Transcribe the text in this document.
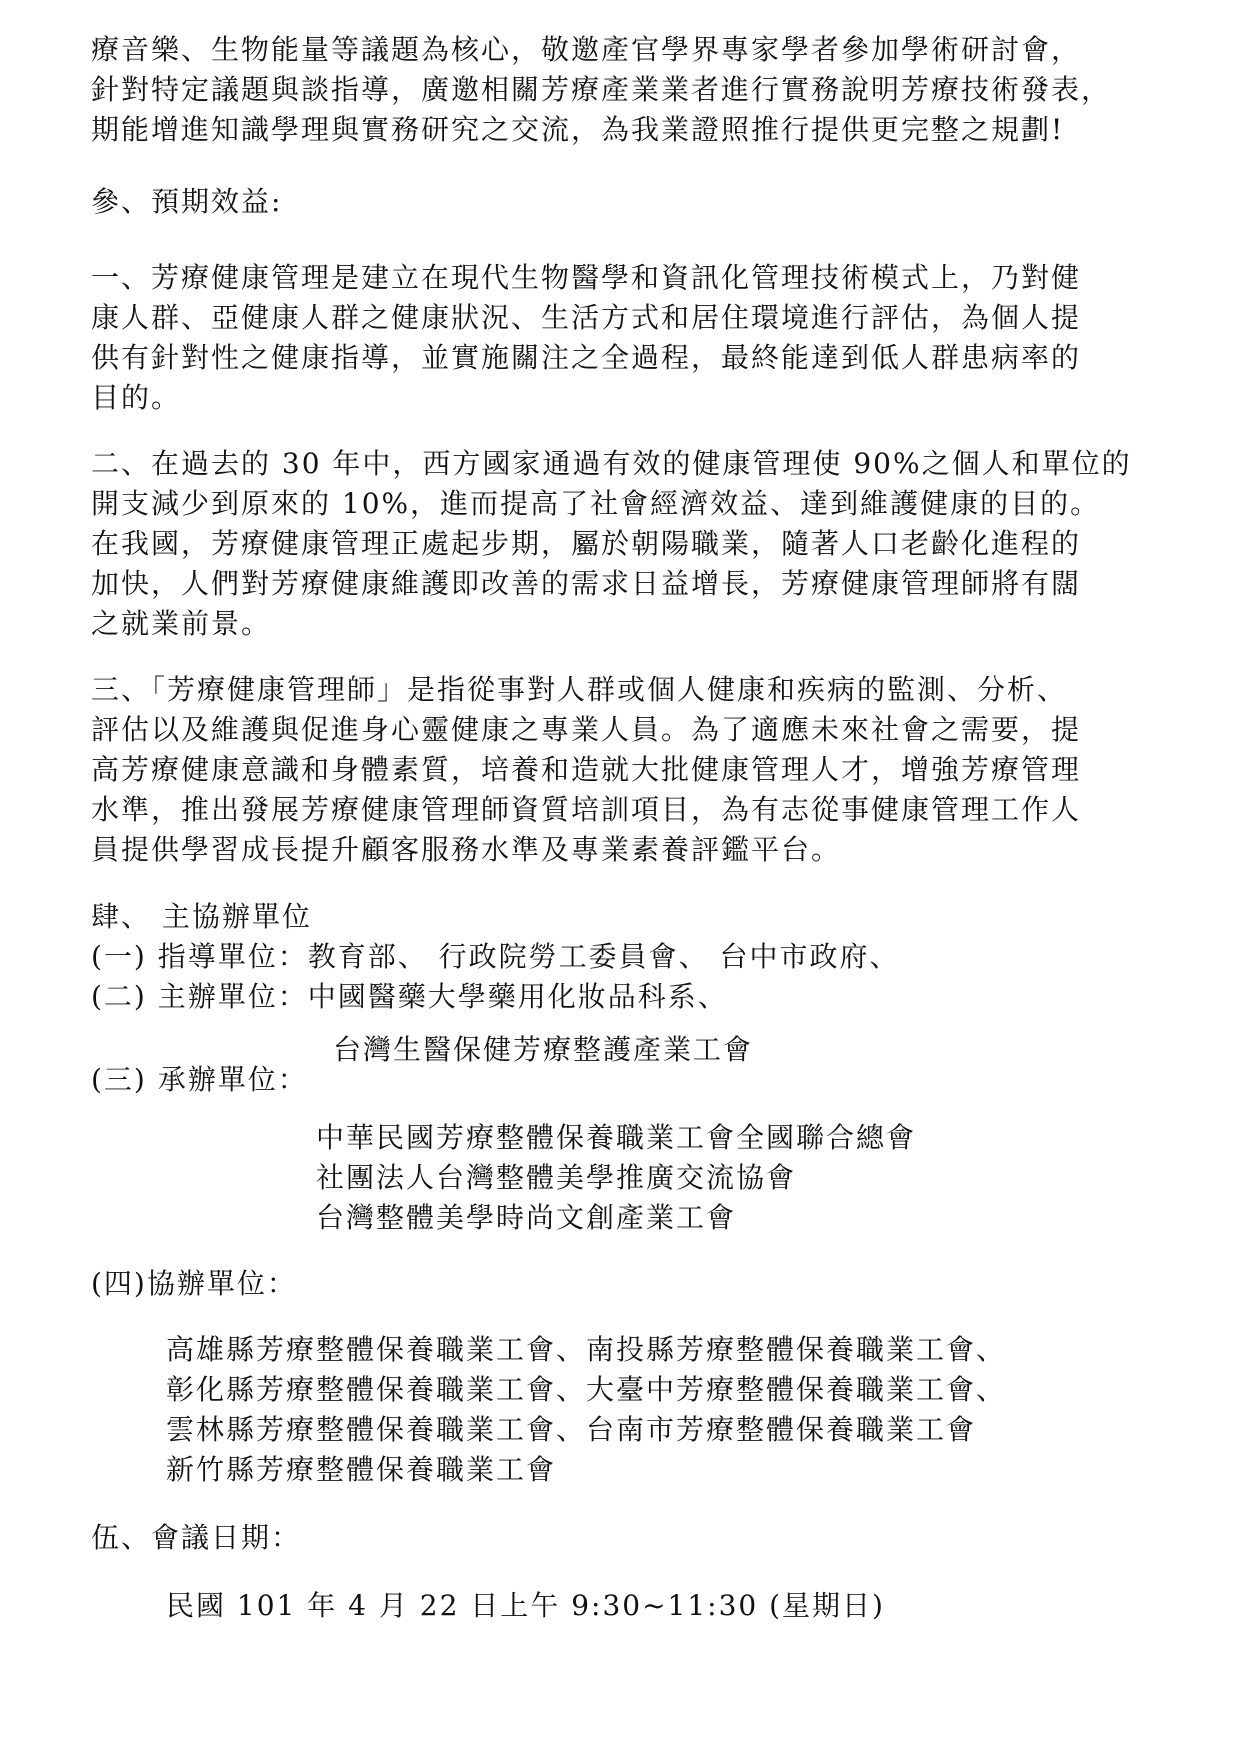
療音樂、生物能量等議題為核心，敬邀產官學界專家學者參加學術研討會，
針對特定議題與談指導，廣邀相關芳療產業業者進行實務說明芳療技術發表，
期能增進知識學理與實務研究之交流，為我業證照推行提供更完整之規劃!
參、預期效益:
一、芳療健康管理是建立在現代生物醫學和資訊化管理技術模式上，乃對健
康人群、亞健康人群之健康狀況、生活方式和居住環境進行評估，為個人提
供有針對性之健康指導，並實施關注之全過程，最終能達到低人群患病率的
目的。
二、在過去的 30 年中，西方國家通過有效的健康管理使 90%之個人和單位的
開支減少到原來的 10%，進而提高了社會經濟效益、達到維護健康的目的。
在我國，芳療健康管理正處起步期，屬於朝陽職業，隨著人口老齡化進程的
加快，人們對芳療健康維護即改善的需求日益增長，芳療健康管理師將有闊
之就業前景。
三、「芳療健康管理師」是指從事對人群或個人健康和疾病的監測、分析、
評估以及維護與促進身心靈健康之專業人員。為了適應未來社會之需要，提
高芳療健康意識和身體素質，培養和造就大批健康管理人才，增強芳療管理
水準，推出發展芳療健康管理師資質培訓項目，為有志從事健康管理工作人
員提供學習成長提升顧客服務水準及專業素養評鑑平台。
肆、 主協辦單位
(一) 指導單位：教育部、 行政院勞工委員會、 台中市政府、
(二) 主辦單位：中國醫藥大學藥用化妝品科系、
台灣生醫保健芳療整護產業工會
(三) 承辦單位：
中華民國芳療整體保養職業工會全國聯合總會
社團法人台灣整體美學推廣交流協會
台灣整體美學時尚文創產業工會
(四)協辦單位：
高雄縣芳療整體保養職業工會、南投縣芳療整體保養職業工會、
彰化縣芳療整體保養職業工會、大臺中芳療整體保養職業工會、
雲林縣芳療整體保養職業工會、台南市芳療整體保養職業工會
新竹縣芳療整體保養職業工會
伍、會議日期：
民國 101 年 4 月 22 日上午 9:30~11:30 (星期日)
